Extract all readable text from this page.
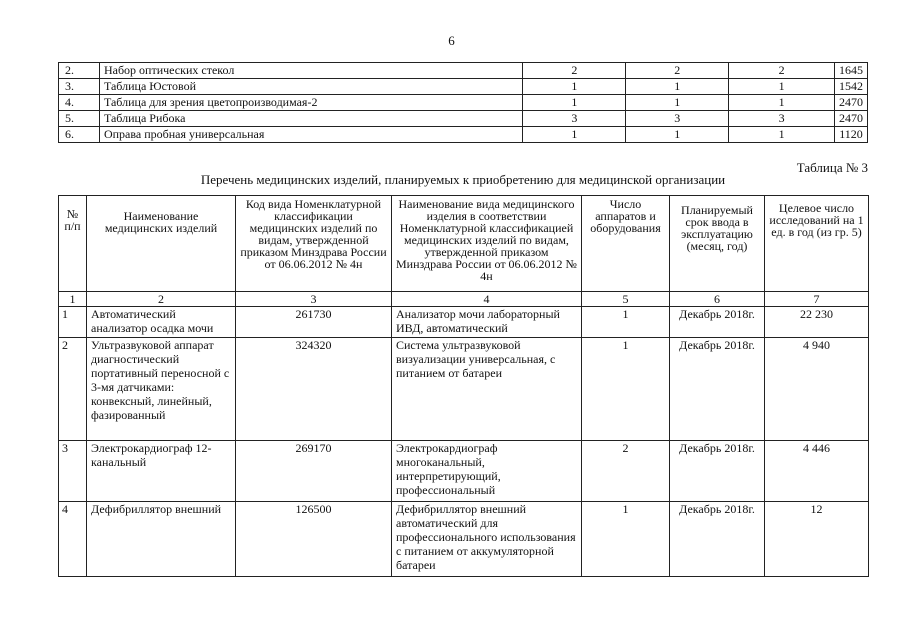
6
2.	Набор оптических стекол	2	2	2	1645
3.	Таблица Юстовой	1	1	1	1542
4.	Таблица для зрения цветопроизводимая-2	1	1	1	2470
5.	Таблица Рибока	3	3	3	2470
6.	Оправа пробная универсальная	1	1	1	1120
Таблица № 3
Перечень медицинских изделий, планируемых к приобретению для медицинской организации
№ п/п	Наименование медицинских изделий	Код вида Номенклатурной классификации медицинских изделий по видам, утвержденной приказом Минздрава России от 06.06.2012 № 4н	Наименование вида медицинского изделия в соответствии Номенклатурной классификацией медицинских изделий по видам, утвержденной приказом Минздрава России от 06.06.2012 № 4н	Число аппаратов и оборудования	Планируемый срок ввода в эксплуатацию (месяц, год)	Целевое число исследований на 1 ед. в год (из гр. 5)
1	2	3	4	5	6	7
1	Автоматический анализатор осадка мочи	261730	Анализатор мочи лабораторный ИВД, автоматический	1	Декабрь 2018г.	22 230
2	Ультразвуковой аппарат диагностический портативный переносной с 3-мя датчиками: конвексный, линейный, фазированный	324320	Система ультразвуковой визуализации универсальная, с питанием от батареи	1	Декабрь 2018г.	4 940
3	Электрокардиограф 12-канальный	269170	Электрокардиограф многоканальный, интерпретирующий, профессиональный	2	Декабрь 2018г.	4 446
4	Дефибриллятор внешний	126500	Дефибриллятор внешний автоматический для профессионального использования с питанием от аккумуляторной батареи	1	Декабрь 2018г.	12
